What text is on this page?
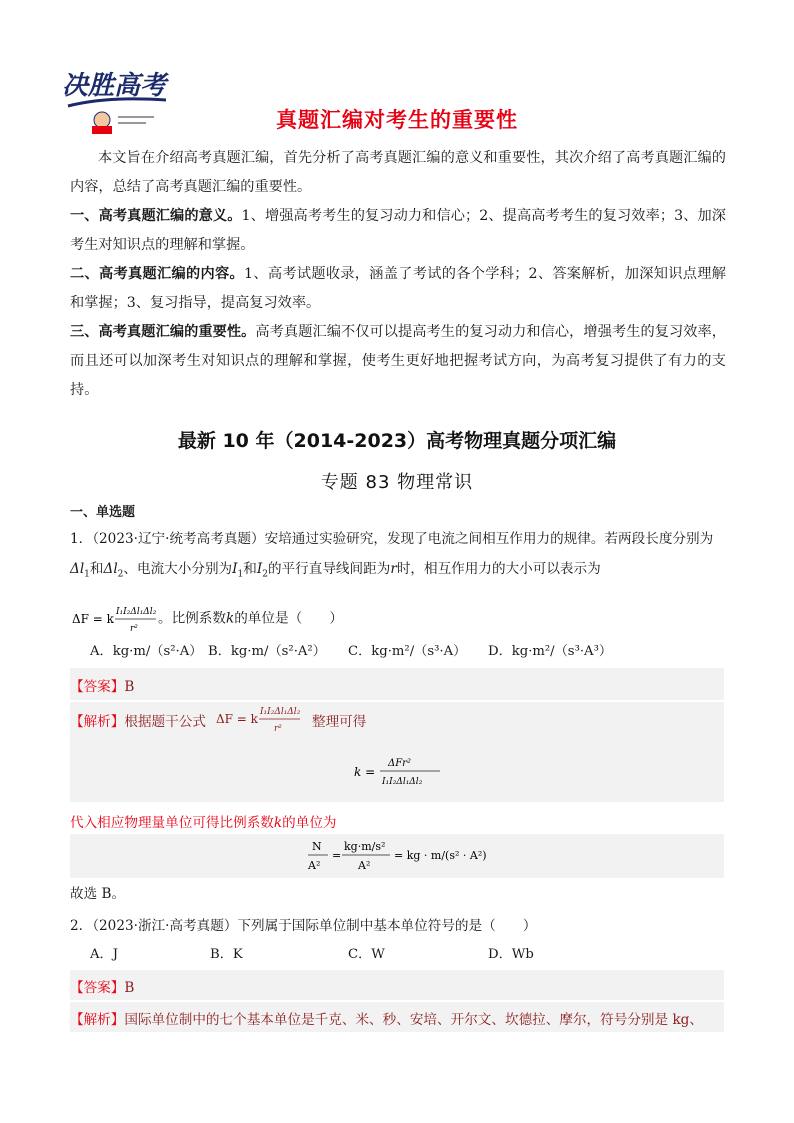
决胜高考
真题汇编对考生的重要性

本文旨在介绍高考真题汇编，首先分析了高考真题汇编的意义和重要性，其次介绍了高考真题汇编的内容，总结了高考真题汇编的重要性。

一、高考真题汇编的意义。1、增强高考考生的复习动力和信心；2、提高高考考生的复习效率；3、加深考生对知识点的理解和掌握。

二、高考真题汇编的内容。1、高考试题收录，涵盖了考试的各个学科；2、答案解析，加深知识点理解和掌握；3、复习指导，提高复习效率。

三、高考真题汇编的重要性。高考真题汇编不仅可以提高考生的复习动力和信心，增强考生的复习效率，而且还可以加深考生对知识点的理解和掌握，使考生更好地把握考试方向，为高考复习提供了有力的支持。

最新 10 年（2014-2023）高考物理真题分项汇编
专题 83 物理常识
一、单选题

1．（2023·辽宁·统考高考真题）安培通过实验研究，发现了电流之间相互作用力的规律。若两段长度分别为
$\Delta l_1$和$\Delta l_2$、电流大小分别为$I_1$和$I_2$的平行直导线间距为r时，相互作用力的大小可以表示为

ΔF = k I₁I₂Δl₁Δl₂
r²
。比例系数k的单位是（　　）
A．kg·m/（s²·A） B．kg·m/（s²·A²） C．kg·m²/（s³·A） D．kg·m²/（s³·A³）
【答案】B
【解析】根据题干公式 ΔF = k I₁I₂Δl₁Δl₂
r² 整理可得
k =
ΔFr²
I₁I₂Δl₁Δl₂
代入相应物理量单位可得比例系数k的单位为
N
A²
=
kg·m/s²
A²
= kg · m/(s² · A²)
故选 B。

2．（2023·浙江·高考真题）下列属于国际单位制中基本单位符号的是（　　）

A．J	B．K	C．W	D．Wb
【答案】B
【解析】国际单位制中的七个基本单位是千克、米、秒、安培、开尔文、坎德拉、摩尔，符号分别是 kg、
